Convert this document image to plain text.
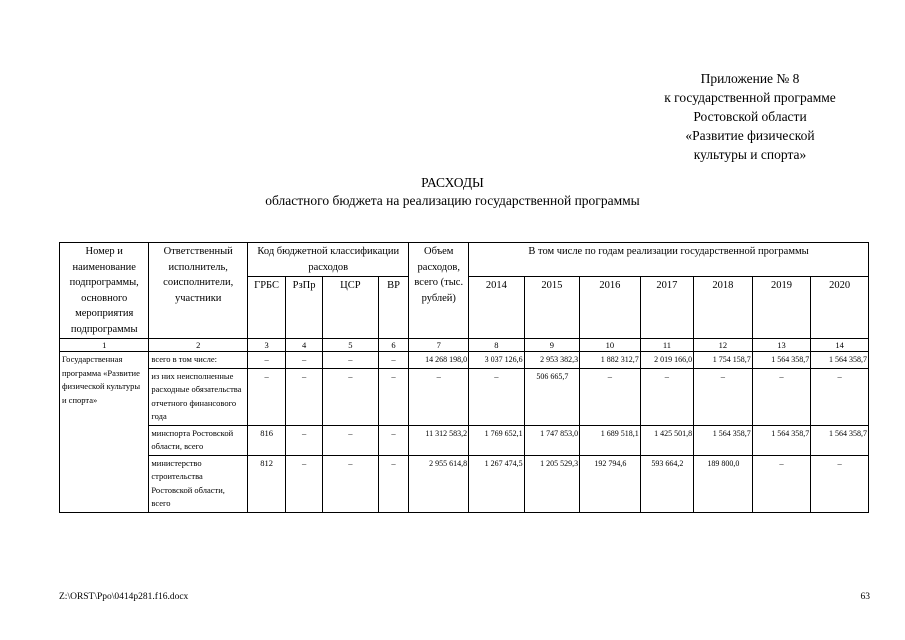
Приложение № 8
к государственной программе
Ростовской области
«Развитие физической
культуры и спорта»
РАСХОДЫ
областного бюджета на реализацию государственной программы
Номер и наименование подпрограммы, основного мероприятия подпрограммы	Ответственный исполнитель, соисполнители, участники	Код бюджетной классификации расходов				Объем расходов, всего (тыс. рублей)	В том числе по годам реализации государственной программы						
		ГРБС	РзПр	ЦСР	ВР		2014	2015	2016	2017	2018	2019	2020
1	2	3	4	5	6	7	8	9	10	11	12	13	14
Государственная программа «Развитие физической культуры и спорта»	всего в том числе:	–	–	–	–	14 268 198,0	3 037 126,6	2 953 382,3	1 882 312,7	2 019 166,0	1 754 158,7	1 564 358,7	1 564 358,7
	из них неисполненные расходные обязательства отчетного финансового года	–	–	–	–	–	–	506 665,7	–	–	–	–	–
	минспорта Ростовской области, всего	816	–	–	–	11 312 583,2	1 769 652,1	1 747 853,0	1 689 518,1	1 425 501,8	1 564 358,7	1 564 358,7	1 564 358,7
	министерство строительства Ростовской области, всего	812	–	–	–	2 955 614,8	1 267 474,5	1 205 529,3	192 794,6	593 664,2	189 800,0	–	–
Z:\ORST\Ppo\0414p281.f16.docx	63
